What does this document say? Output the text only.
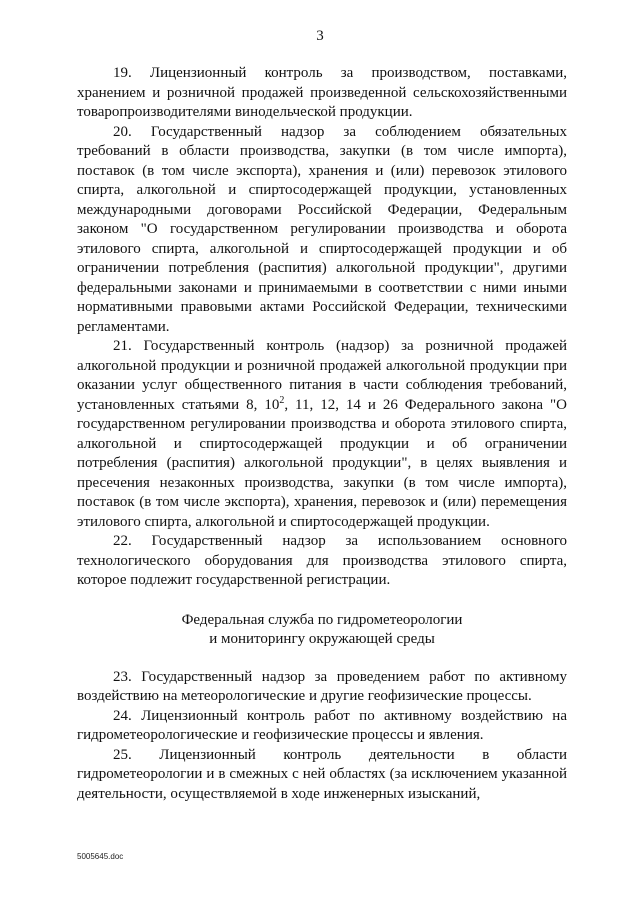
3

19. Лицензионный контроль за производством, поставками, хранением и розничной продажей произведенной сельскохозяйственными товаропроизводителями винодельческой продукции.

20. Государственный надзор за соблюдением обязательных требований в области производства, закупки (в том числе импорта), поставок (в том числе экспорта), хранения и (или) перевозок этилового спирта, алкогольной и спиртосодержащей продукции, установленных международными договорами Российской Федерации, Федеральным законом "О государственном регулировании производства и оборота этилового спирта, алкогольной и спиртосодержащей продукции и об ограничении потребления (распития) алкогольной продукции", другими федеральными законами и принимаемыми в соответствии с ними иными нормативными правовыми актами Российской Федерации, техническими регламентами.

21. Государственный контроль (надзор) за розничной продажей алкогольной продукции и розничной продажей алкогольной продукции при оказании услуг общественного питания в части соблюдения требований, установленных статьями 8, $10^2$, 11, 12, 14 и 26 Федерального закона "О государственном регулировании производства и оборота этилового спирта, алкогольной и спиртосодержащей продукции и об ограничении потребления (распития) алкогольной продукции", в целях выявления и пресечения незаконных производства, закупки (в том числе импорта), поставок (в том числе экспорта), хранения, перевозок и (или) перемещения этилового спирта, алкогольной и спиртосодержащей продукции.

22. Государственный надзор за использованием основного технологического оборудования для производства этилового спирта, которое подлежит государственной регистрации.

Федеральная служба по гидрометеорологии
и мониторингу окружающей среды

23. Государственный надзор за проведением работ по активному воздействию на метеорологические и другие геофизические процессы.

24. Лицензионный контроль работ по активному воздействию на гидрометеорологические и геофизические процессы и явления.

25. Лицензионный контроль деятельности в области гидрометеорологии и в смежных с ней областях (за исключением указанной деятельности, осуществляемой в ходе инженерных изысканий,

5005645.doc
